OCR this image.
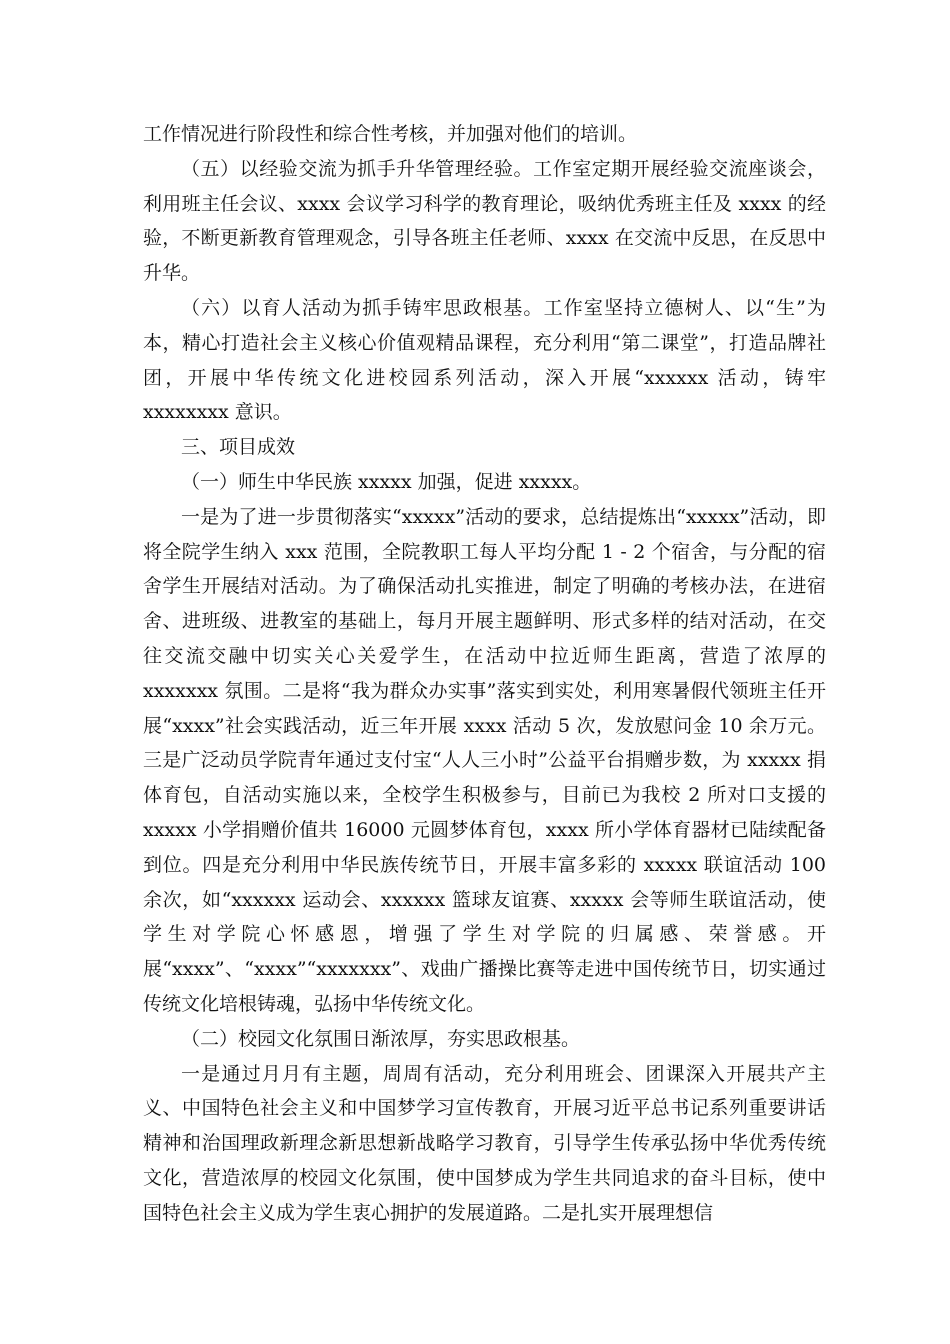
工作情况进行阶段性和综合性考核，并加强对他们的培训。

（五）以经验交流为抓手升华管理经验。工作室定期开展经验交流座谈会，利用班主任会议、xxxx 会议学习科学的教育理论，吸纳优秀班主任及 xxxx 的经验，不断更新教育管理观念，引导各班主任老师、xxxx 在交流中反思，在反思中升华。

（六）以育人活动为抓手铸牢思政根基。工作室坚持立德树人、以“生”为本，精心打造社会主义核心价值观精品课程，充分利用“第二课堂”，打造品牌社团，开展中华传统文化进校园系列活动，深入开展“xxxxxx 活动，铸牢 xxxxxxxx 意识。

三、项目成效

（一）师生中华民族 xxxxx 加强，促进 xxxxx。

一是为了进一步贯彻落实“xxxxx”活动的要求，总结提炼出“xxxxx”活动，即将全院学生纳入 xxx 范围，全院教职工每人平均分配 1 - 2 个宿舍，与分配的宿舍学生开展结对活动。为了确保活动扎实推进，制定了明确的考核办法，在进宿舍、进班级、进教室的基础上，每月开展主题鲜明、形式多样的结对活动，在交往交流交融中切实关心关爱学生，在活动中拉近师生距离，营造了浓厚的 xxxxxxx 氛围。二是将“我为群众办实事”落实到实处，利用寒暑假代领班主任开展“xxxx”社会实践活动，近三年开展 xxxx 活动 5 次，发放慰问金 10 余万元。三是广泛动员学院青年通过支付宝“人人三小时”公益平台捐赠步数，为 xxxxx 捐体育包，自活动实施以来，全校学生积极参与，目前已为我校 2 所对口支援的 xxxxx 小学捐赠价值共 16000 元圆梦体育包，xxxx 所小学体育器材已陆续配备到位。四是充分利用中华民族传统节日，开展丰富多彩的 xxxxx 联谊活动 100 余次，如“xxxxxx 运动会、xxxxxx 篮球友谊赛、xxxxx 会等师生联谊活动，使学生对学院心怀感恩，增强了学生对学院的归属感、荣誉感。开展“xxxx”、“xxxx”“xxxxxxx”、戏曲广播操比赛等走进中国传统节日，切实通过传统文化培根铸魂，弘扬中华传统文化。

（二）校园文化氛围日渐浓厚，夯实思政根基。

一是通过月月有主题，周周有活动，充分利用班会、团课深入开展共产主义、中国特色社会主义和中国梦学习宣传教育，开展习近平总书记系列重要讲话精神和治国理政新理念新思想新战略学习教育，引导学生传承弘扬中华优秀传统文化，营造浓厚的校园文化氛围，使中国梦成为学生共同追求的奋斗目标，使中国特色社会主义成为学生衷心拥护的发展道路。二是扎实开展理想信
